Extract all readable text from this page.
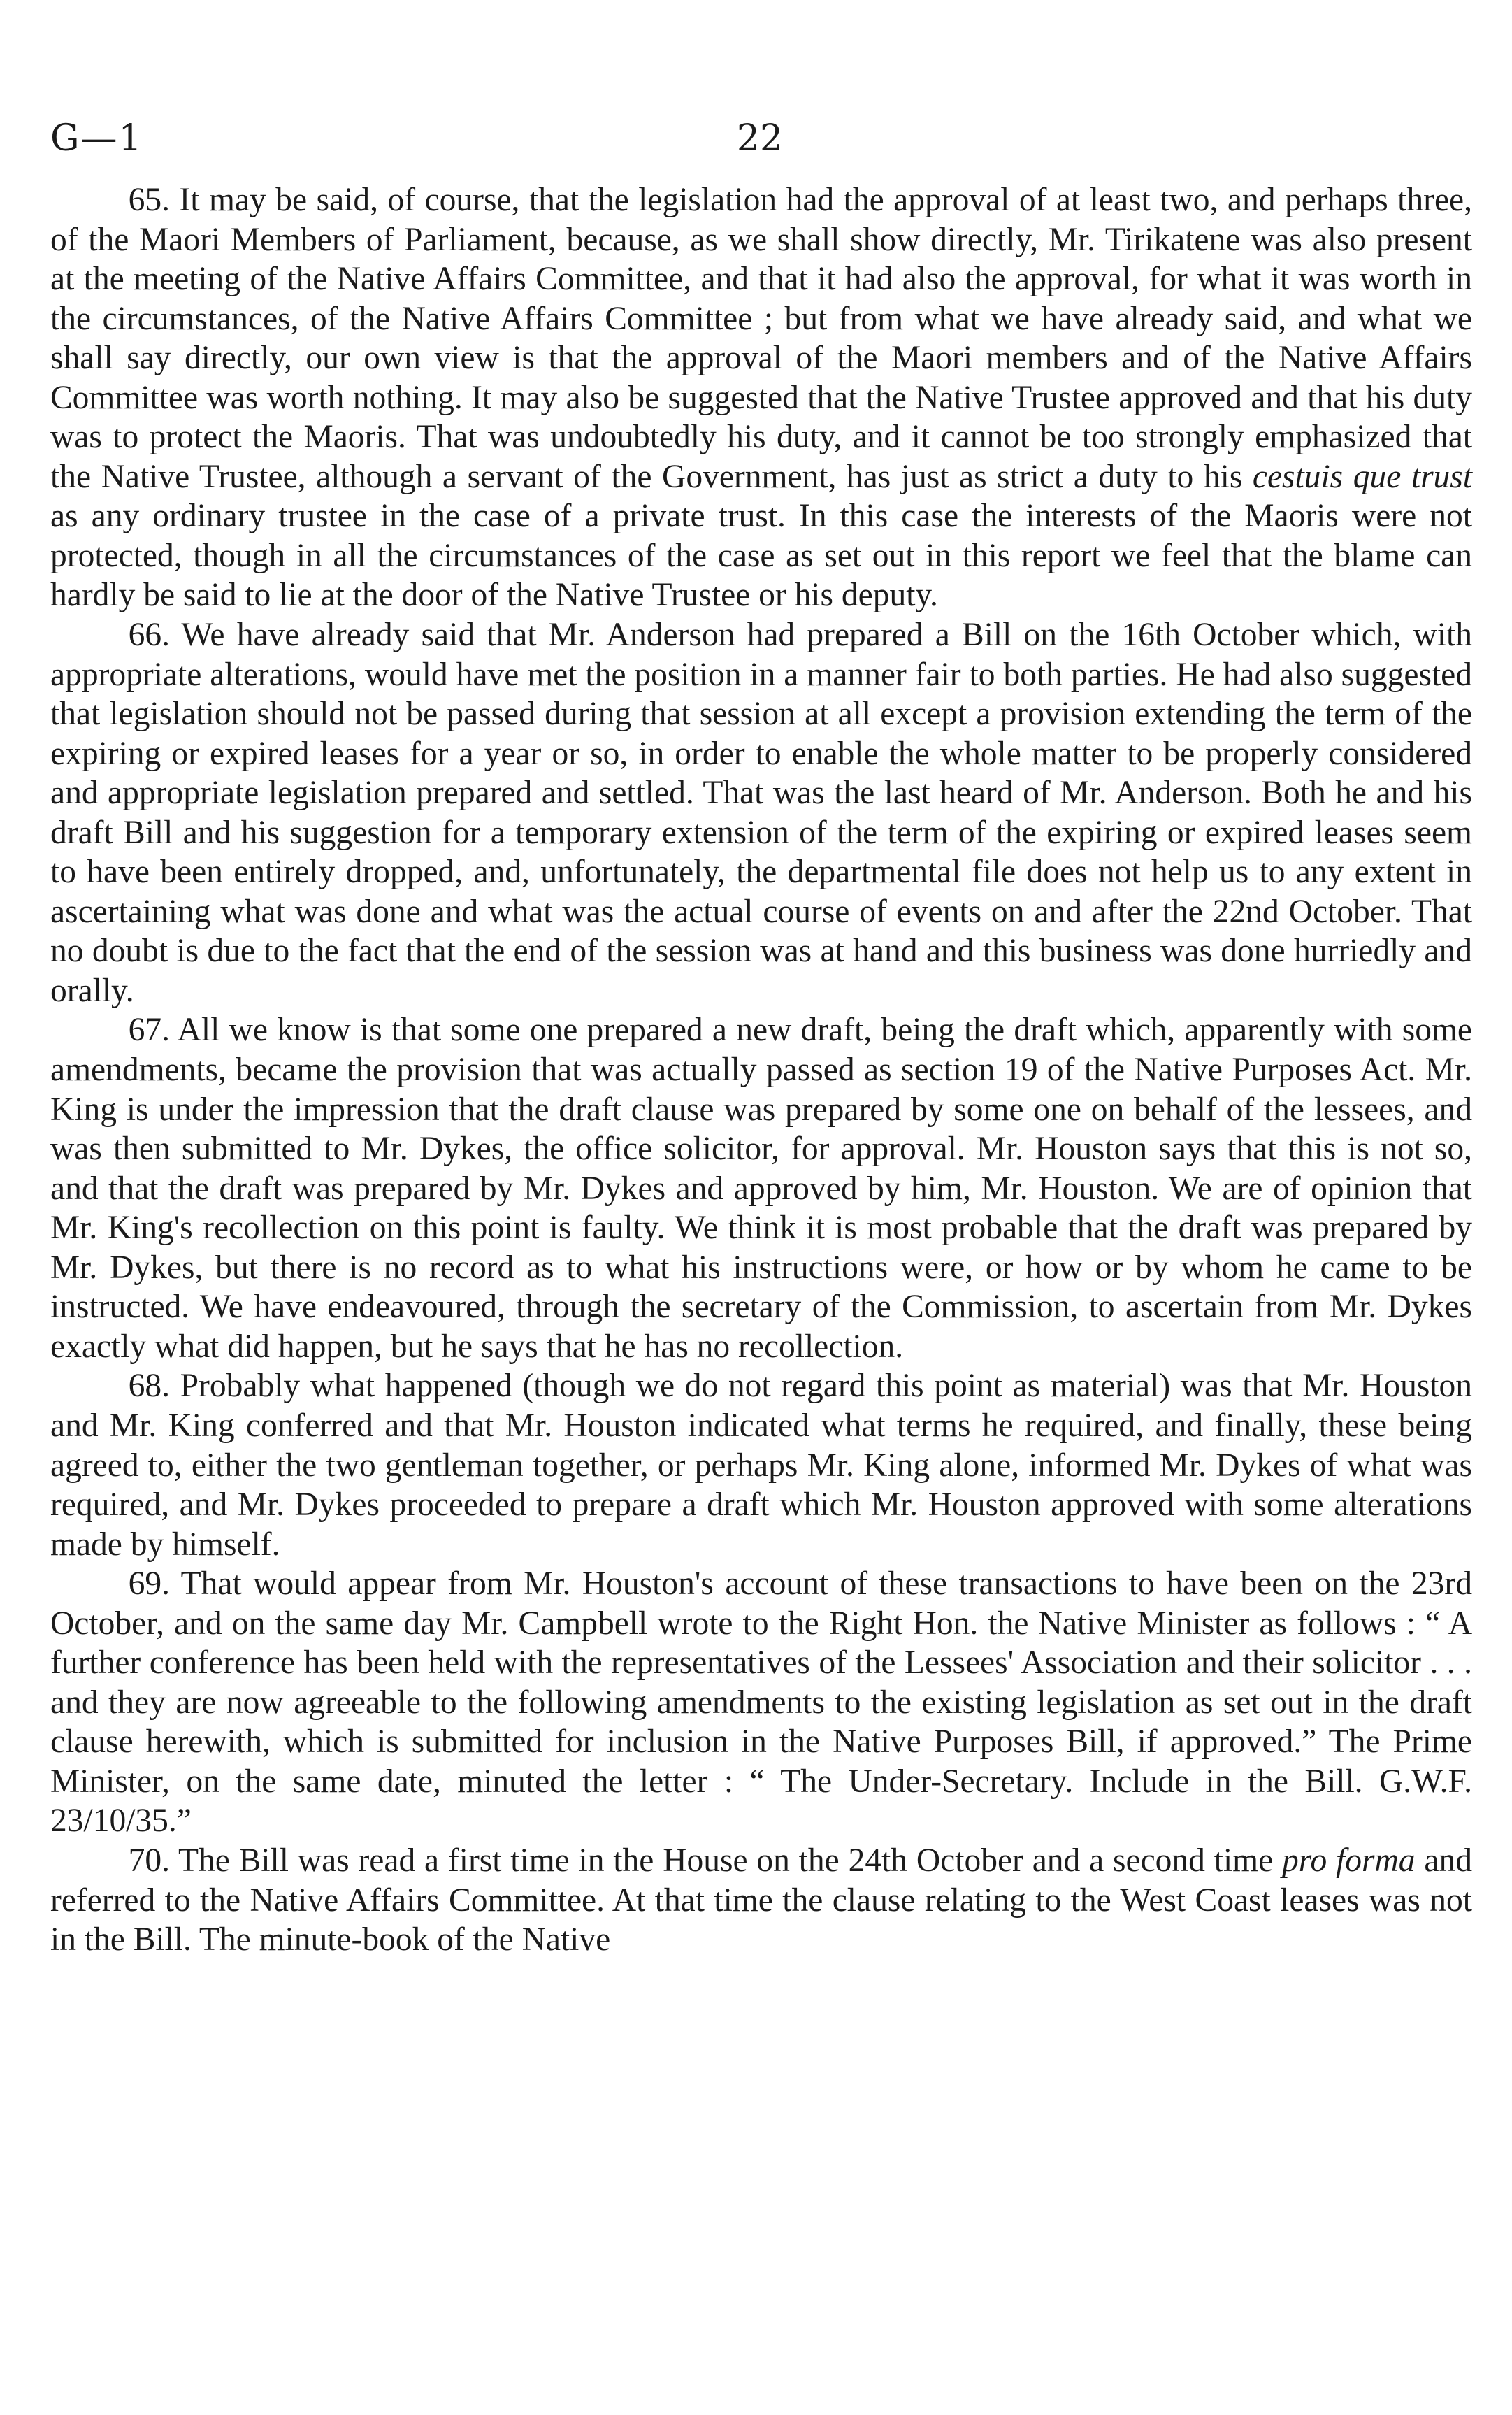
G—1	22

65. It may be said, of course, that the legislation had the approval of at least two, and perhaps three, of the Maori Members of Parliament, because, as we shall show directly, Mr. Tirikatene was also present at the meeting of the Native Affairs Committee, and that it had also the approval, for what it was worth in the circumstances, of the Native Affairs Committee ; but from what we have already said, and what we shall say directly, our own view is that the approval of the Maori members and of the Native Affairs Committee was worth nothing. It may also be suggested that the Native Trustee approved and that his duty was to protect the Maoris. That was undoubtedly his duty, and it cannot be too strongly emphasized that the Native Trustee, although a servant of the Government, has just as strict a duty to his cestuis que trust as any ordinary trustee in the case of a private trust. In this case the interests of the Maoris were not protected, though in all the circumstances of the case as set out in this report we feel that the blame can hardly be said to lie at the door of the Native Trustee or his deputy.

66. We have already said that Mr. Anderson had prepared a Bill on the 16th October which, with appropriate alterations, would have met the position in a manner fair to both parties. He had also suggested that legislation should not be passed during that session at all except a provision extending the term of the expiring or expired leases for a year or so, in order to enable the whole matter to be properly considered and appropriate legislation prepared and settled. That was the last heard of Mr. Anderson. Both he and his draft Bill and his suggestion for a temporary extension of the term of the expiring or expired leases seem to have been entirely dropped, and, unfortunately, the departmental file does not help us to any extent in ascertaining what was done and what was the actual course of events on and after the 22nd October. That no doubt is due to the fact that the end of the session was at hand and this business was done hurriedly and orally.

67. All we know is that some one prepared a new draft, being the draft which, apparently with some amendments, became the provision that was actually passed as section 19 of the Native Purposes Act. Mr. King is under the impression that the draft clause was prepared by some one on behalf of the lessees, and was then submitted to Mr. Dykes, the office solicitor, for approval. Mr. Houston says that this is not so, and that the draft was prepared by Mr. Dykes and approved by him, Mr. Houston. We are of opinion that Mr. King's recollection on this point is faulty. We think it is most probable that the draft was prepared by Mr. Dykes, but there is no record as to what his instructions were, or how or by whom he came to be instructed. We have endeavoured, through the secretary of the Commission, to ascertain from Mr. Dykes exactly what did happen, but he says that he has no recollection.

68. Probably what happened (though we do not regard this point as material) was that Mr. Houston and Mr. King conferred and that Mr. Houston indicated what terms he required, and finally, these being agreed to, either the two gentleman together, or perhaps Mr. King alone, informed Mr. Dykes of what was required, and Mr. Dykes proceeded to prepare a draft which Mr. Houston approved with some alterations made by himself.

69. That would appear from Mr. Houston's account of these transactions to have been on the 23rd October, and on the same day Mr. Campbell wrote to the Right Hon. the Native Minister as follows : “ A further conference has been held with the representatives of the Lessees' Association and their solicitor . . . and they are now agreeable to the following amendments to the existing legislation as set out in the draft clause herewith, which is submitted for inclusion in the Native Purposes Bill, if approved.” The Prime Minister, on the same date, minuted the letter : “ The Under-Secretary. Include in the Bill. G.W.F. 23/10/35.”

70. The Bill was read a first time in the House on the 24th October and a second time pro forma and referred to the Native Affairs Committee. At that time the clause relating to the West Coast leases was not in the Bill. The minute-book of the Native
